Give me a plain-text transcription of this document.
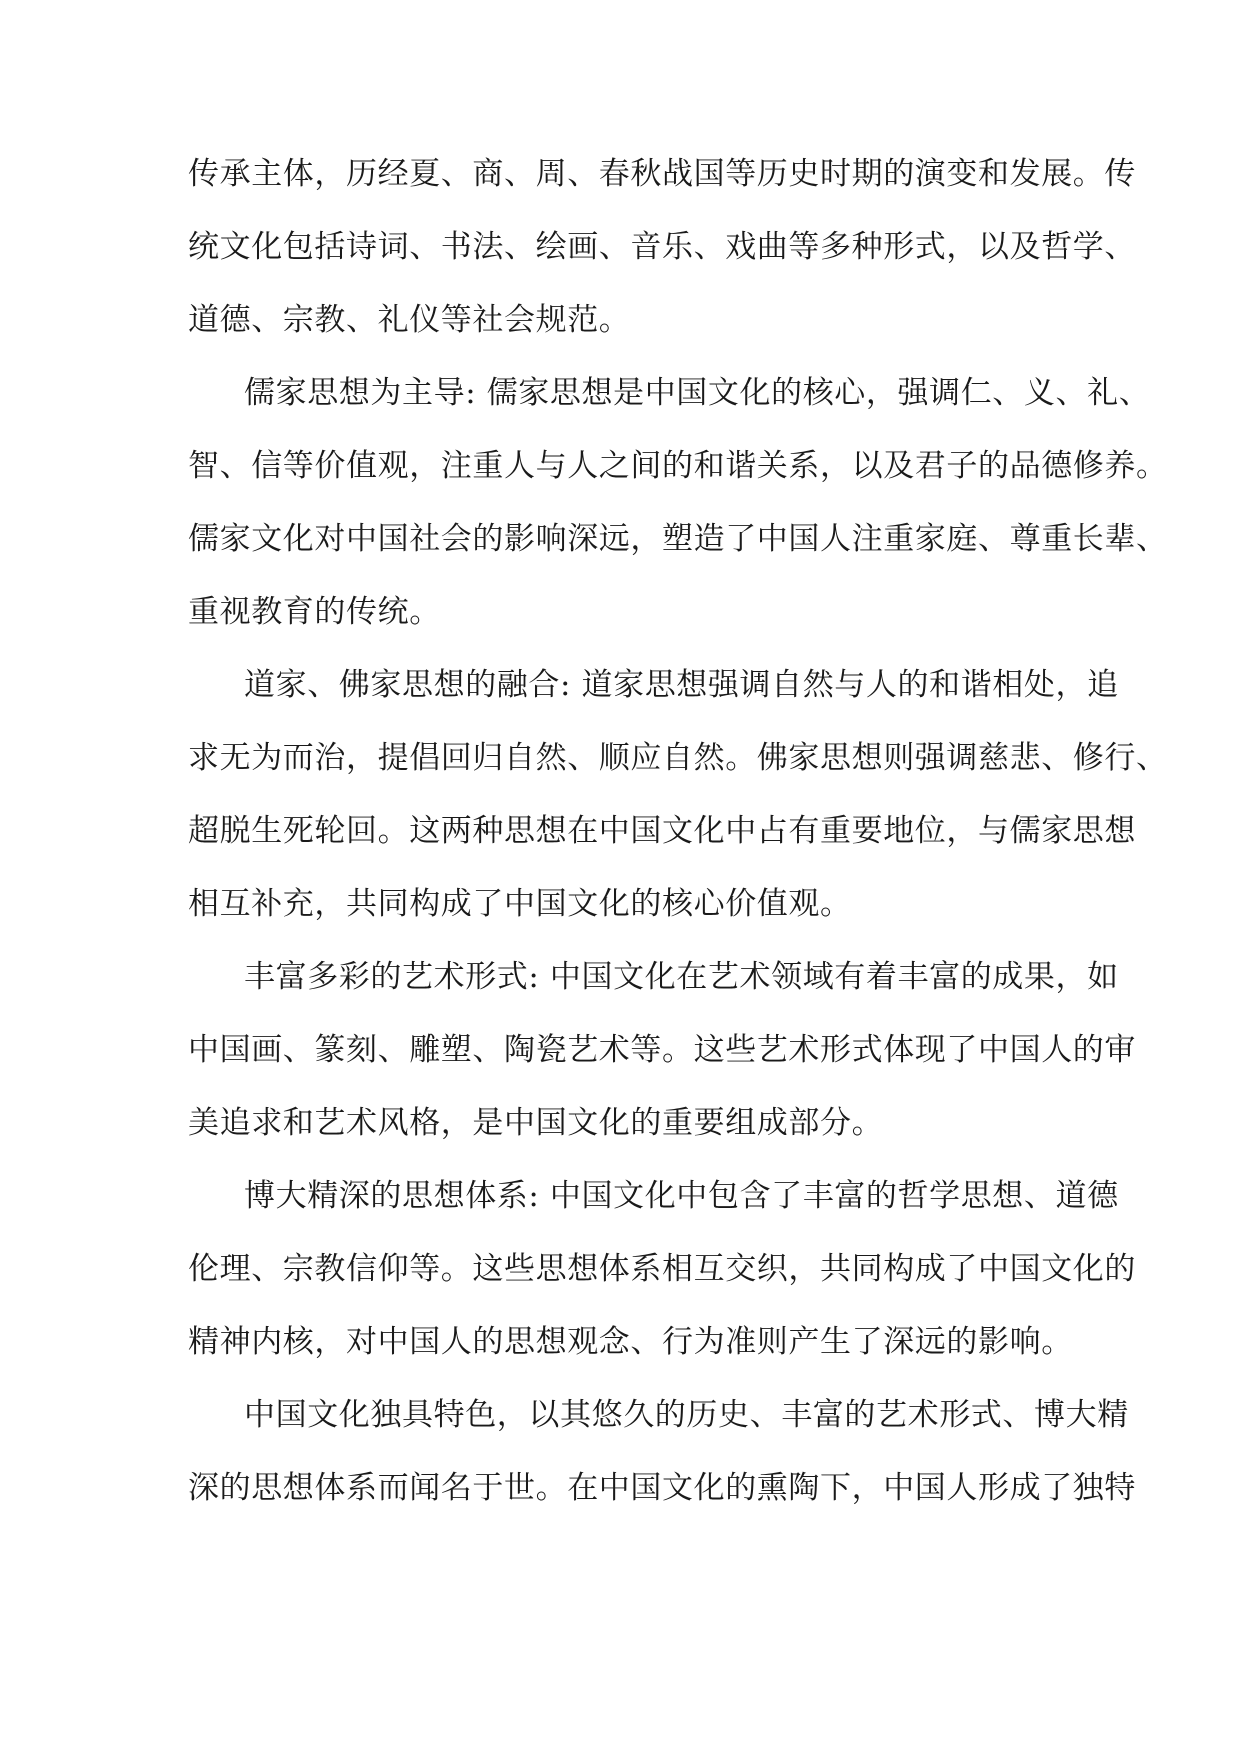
传承主体，历经夏、商、周、春秋战国等历史时期的演变和发展。传
统文化包括诗词、书法、绘画、音乐、戏曲等多种形式，以及哲学、
道德、宗教、礼仪等社会规范。
儒家思想为主导: 儒家思想是中国文化的核心，强调仁、义、礼、
智、信等价值观，注重人与人之间的和谐关系，以及君子的品德修养。
儒家文化对中国社会的影响深远，塑造了中国人注重家庭、尊重长辈、
重视教育的传统。
道家、佛家思想的融合: 道家思想强调自然与人的和谐相处，追
求无为而治，提倡回归自然、顺应自然。佛家思想则强调慈悲、修行、
超脱生死轮回。这两种思想在中国文化中占有重要地位，与儒家思想
相互补充，共同构成了中国文化的核心价值观。
丰富多彩的艺术形式: 中国文化在艺术领域有着丰富的成果，如
中国画、篆刻、雕塑、陶瓷艺术等。这些艺术形式体现了中国人的审
美追求和艺术风格，是中国文化的重要组成部分。
博大精深的思想体系: 中国文化中包含了丰富的哲学思想、道德
伦理、宗教信仰等。这些思想体系相互交织，共同构成了中国文化的
精神内核，对中国人的思想观念、行为准则产生了深远的影响。
中国文化独具特色，以其悠久的历史、丰富的艺术形式、博大精
深的思想体系而闻名于世。在中国文化的熏陶下，中国人形成了独特
